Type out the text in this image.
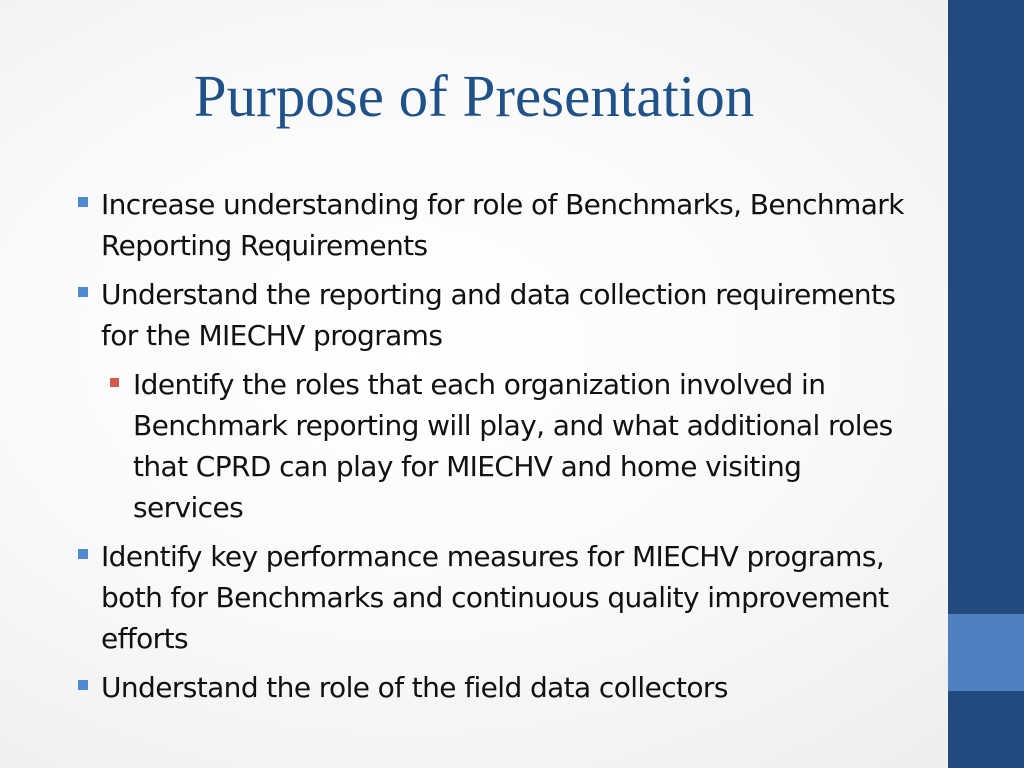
Purpose of Presentation
Increase understanding for role of Benchmarks, Benchmark Reporting Requirements
Understand the reporting and data collection requirements for the MIECHV programs
Identify the roles that each organization involved in Benchmark reporting will play, and what additional roles that CPRD can play for MIECHV and home visiting services
Identify key performance measures for MIECHV programs, both for Benchmarks and continuous quality improvement efforts
Understand the role of the field data collectors
